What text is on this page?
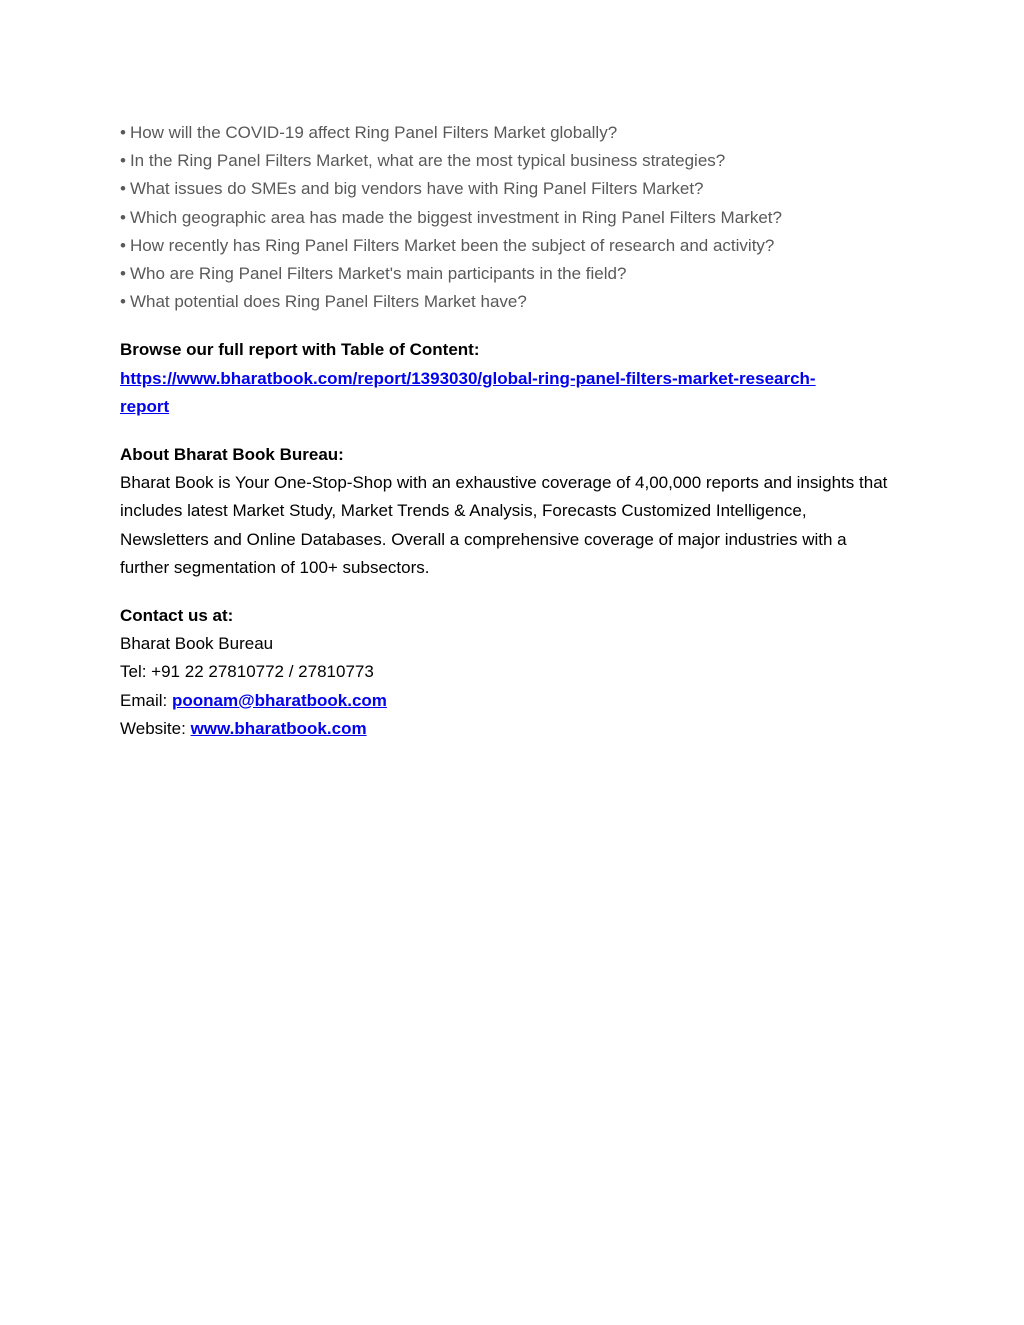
• How will the COVID-19 affect Ring Panel Filters Market globally?
• In the Ring Panel Filters Market, what are the most typical business strategies?
• What issues do SMEs and big vendors have with Ring Panel Filters Market?
• Which geographic area has made the biggest investment in Ring Panel Filters Market?
• How recently has Ring Panel Filters Market been the subject of research and activity?
• Who are Ring Panel Filters Market's main participants in the field?
• What potential does Ring Panel Filters Market have?
Browse our full report with Table of Content:
https://www.bharatbook.com/report/1393030/global-ring-panel-filters-market-research-
report
About Bharat Book Bureau:
Bharat Book is Your One-Stop-Shop with an exhaustive coverage of 4,00,000 reports and insights that includes latest Market Study, Market Trends & Analysis, Forecasts Customized Intelligence, Newsletters and Online Databases. Overall a comprehensive coverage of major industries with a further segmentation of 100+ subsectors.
Contact us at:
Bharat Book Bureau
Tel: +91 22 27810772 / 27810773
Email: poonam@bharatbook.com
Website: www.bharatbook.com
